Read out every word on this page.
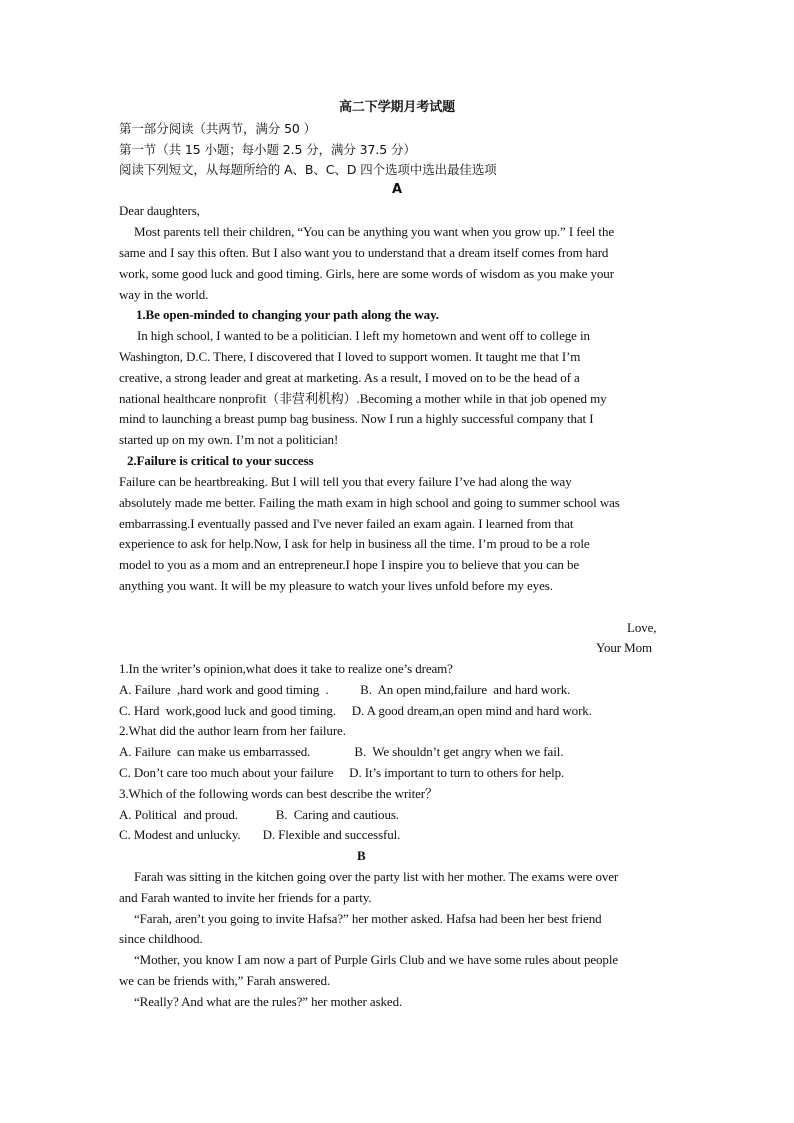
高二下学期月考试题
第一部分阅读（共两节，满分 50 ）
第一节（共 15 小题；每小题 2.5 分，满分 37.5 分）
阅读下列短文，从每题所给的 A、B、C、D 四个选项中选出最佳选项
A
Dear daughters,
Most parents tell their children, “You can be anything you want when you grow up.” I feel the
same and I say this often. But I also want you to understand that a dream itself comes from hard
work, some good luck and good timing. Girls, here are some words of wisdom as you make your
way in the world.
1.Be open-minded to changing your path along the way.
In high school, I wanted to be a politician. I left my hometown and went off to college in
Washington, D.C. There, I discovered that I loved to support women. It taught me that I’m
creative, a strong leader and great at marketing. As a result, I moved on to be the head of a
national healthcare nonprofit（非营利机构）.Becoming a mother while in that job opened my
mind to launching a breast pump bag business. Now I run a highly successful company that I
started up on my own. I’m not a politician!
2.Failure is critical to your success
Failure can be heartbreaking. But I will tell you that every failure I’ve had along the way
absolutely made me better. Failing the math exam in high school and going to summer school was
embarrassing.I eventually passed and I've never failed an exam again. I learned from that
experience to ask for help.Now, I ask for help in business all the time. I’m proud to be a role
model to you as a mom and an entrepreneur.I hope I inspire you to believe that you can be
anything you want. It will be my pleasure to watch your lives unfold before my eyes.
Love,
Your Mom
1.In the writer’s opinion,what does it take to realize one’s dream?
A. Failure  ,hard work and good timing  .          B.  An open mind,failure  and hard work.
C. Hard  work,good luck and good timing.     D. A good dream,an open mind and hard work.
2.What did the author learn from her failure.
A. Failure  can make us embarrassed.              B.  We shouldn’t get angry when we fail.
C. Don’t care too much about your failure     D. It’s important to turn to others for help.
3.Which of the following words can best describe the writer？
A. Political  and proud.            B.  Caring and cautious.
C. Modest and unlucky.       D. Flexible and successful.
B
Farah was sitting in the kitchen going over the party list with her mother. The exams were over
and Farah wanted to invite her friends for a party.
“Farah, aren’t you going to invite Hafsa?” her mother asked. Hafsa had been her best friend
since childhood.
“Mother, you know I am now a part of Purple Girls Club and we have some rules about people
we can be friends with,” Farah answered.
“Really? And what are the rules?” her mother asked.
